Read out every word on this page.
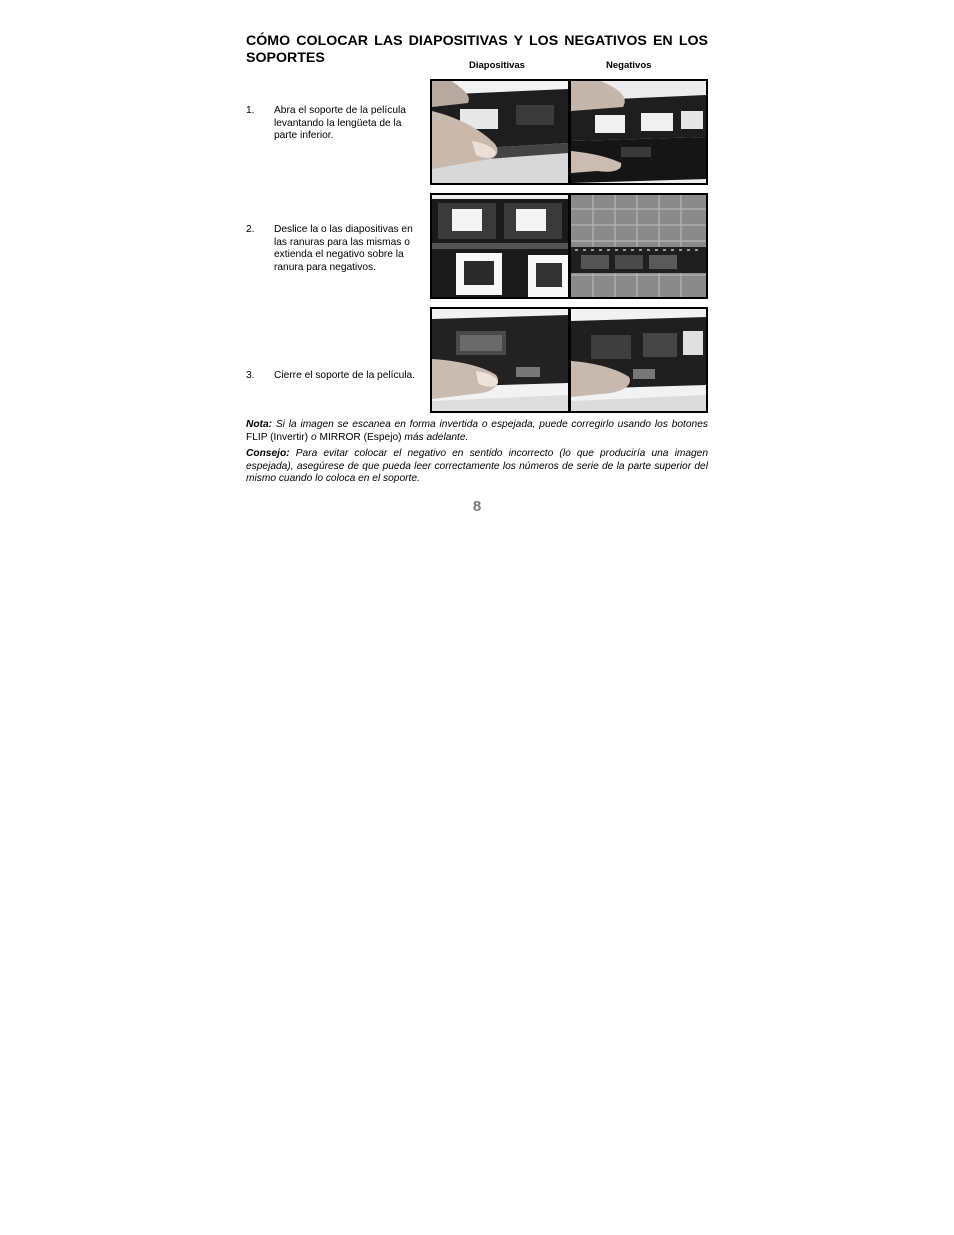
CÓMO COLOCAR LAS DIAPOSITIVAS Y LOS NEGATIVOS EN LOS SOPORTES	Diapositivas	Negativos
1. Abra el soporte de la película levantando la lengüeta de la parte inferior.
2. Deslice la o las diapositivas en las ranuras para las mismas o extienda el negativo sobre la ranura para negativos.
3. Cierre el soporte de la película.

Nota: Si la imagen se escanea en forma invertida o espejada, puede corregirlo usando los botones FLIP (Invertir) o MIRROR (Espejo) más adelante.

Consejo: Para evitar colocar el negativo en sentido incorrecto (lo que produciría una imagen espejada), asegúrese de que pueda leer correctamente los números de serie de la parte superior del mismo cuando lo coloca en el soporte.

8
